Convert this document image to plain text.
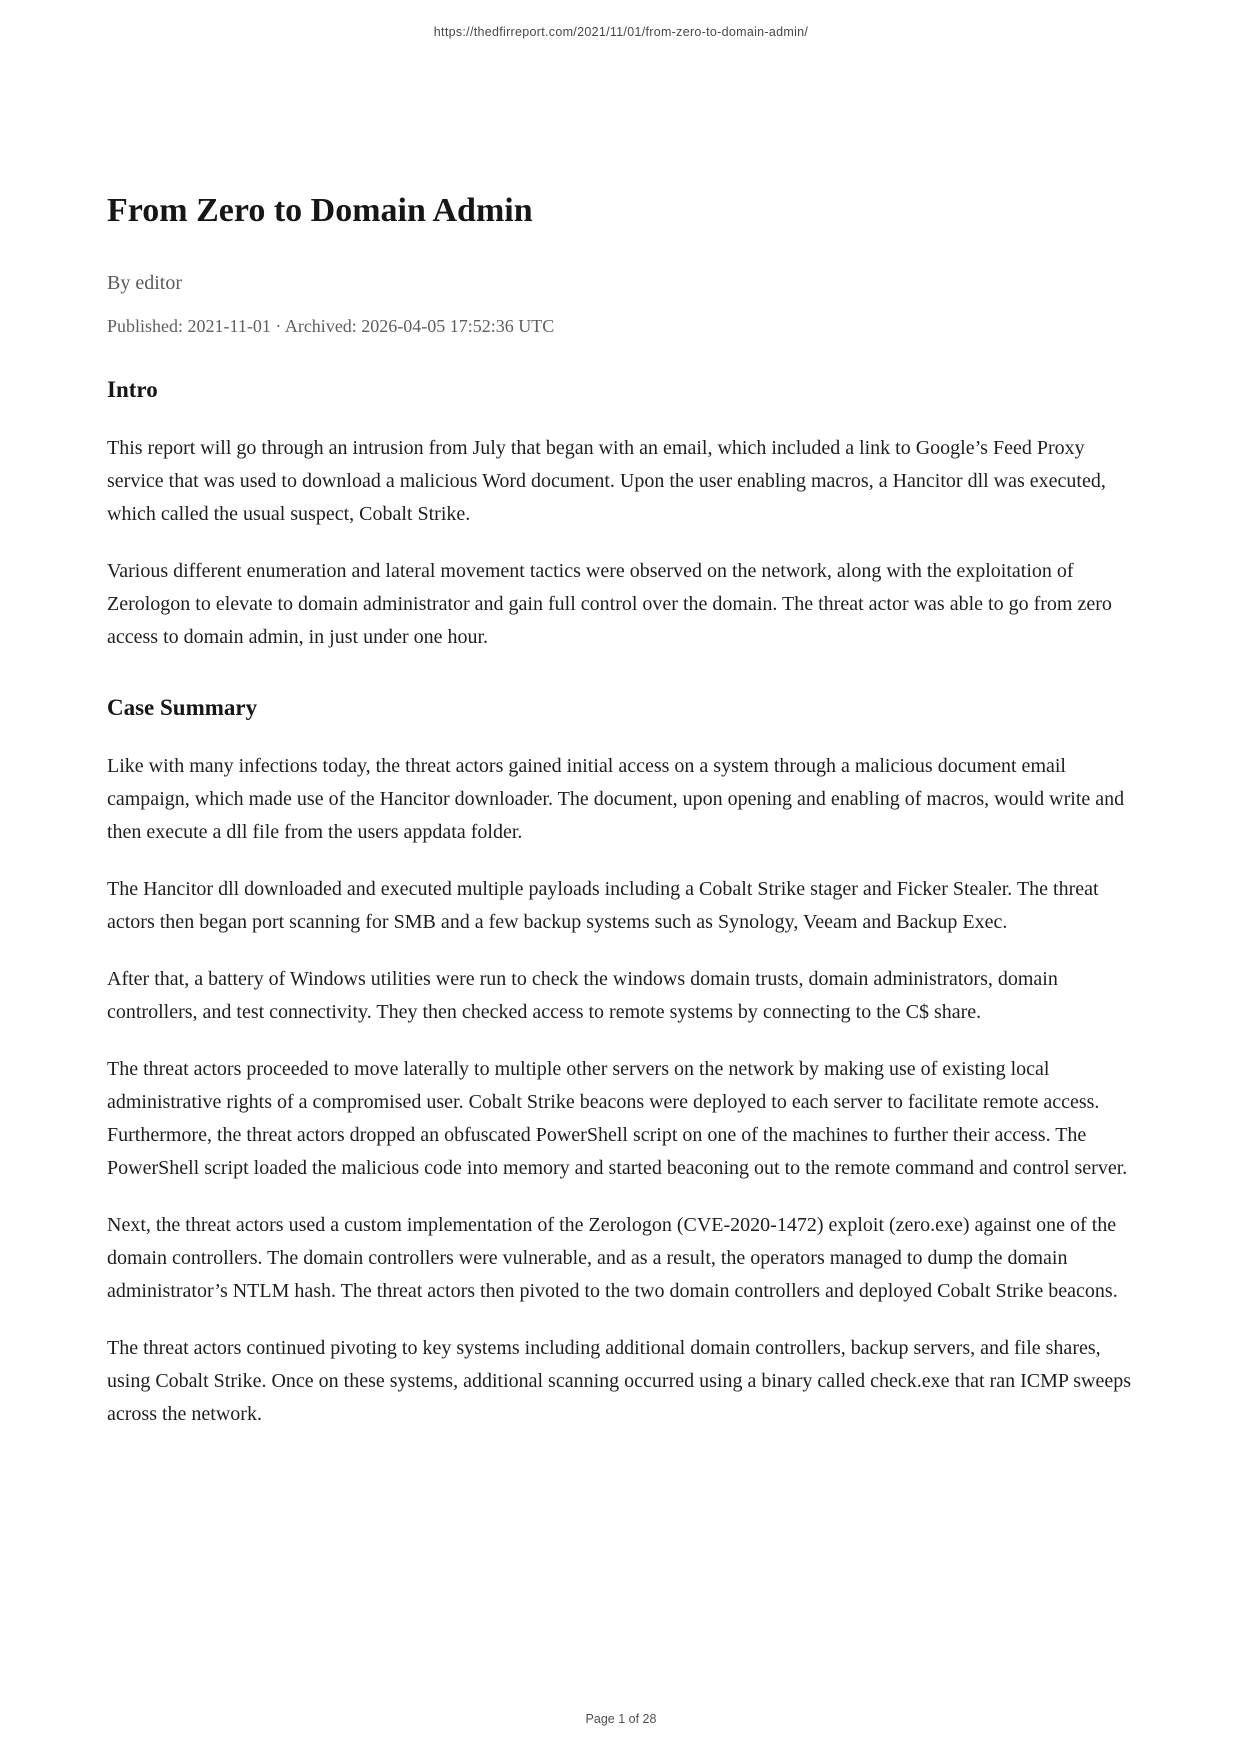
https://thedfirreport.com/2021/11/01/from-zero-to-domain-admin/
From Zero to Domain Admin

By editor

Published: 2021-11-01 · Archived: 2026-04-05 17:52:36 UTC

Intro

This report will go through an intrusion from July that began with an email, which included a link to Google’s Feed Proxy service that was used to download a malicious Word document. Upon the user enabling macros, a Hancitor dll was executed, which called the usual suspect, Cobalt Strike.

Various different enumeration and lateral movement tactics were observed on the network, along with the exploitation of Zerologon to elevate to domain administrator and gain full control over the domain. The threat actor was able to go from zero access to domain admin, in just under one hour.

Case Summary

Like with many infections today, the threat actors gained initial access on a system through a malicious document email campaign, which made use of the Hancitor downloader. The document, upon opening and enabling of macros, would write and then execute a dll file from the users appdata folder.

The Hancitor dll downloaded and executed multiple payloads including a Cobalt Strike stager and Ficker Stealer. The threat actors then began port scanning for SMB and a few backup systems such as Synology, Veeam and Backup Exec.

After that, a battery of Windows utilities were run to check the windows domain trusts, domain administrators, domain controllers, and test connectivity. They then checked access to remote systems by connecting to the C$ share.

The threat actors proceeded to move laterally to multiple other servers on the network by making use of existing local administrative rights of a compromised user. Cobalt Strike beacons were deployed to each server to facilitate remote access. Furthermore, the threat actors dropped an obfuscated PowerShell script on one of the machines to further their access. The PowerShell script loaded the malicious code into memory and started beaconing out to the remote command and control server.

Next, the threat actors used a custom implementation of the Zerologon (CVE-2020-1472) exploit (zero.exe) against one of the domain controllers. The domain controllers were vulnerable, and as a result, the operators managed to dump the domain administrator’s NTLM hash. The threat actors then pivoted to the two domain controllers and deployed Cobalt Strike beacons.

The threat actors continued pivoting to key systems including additional domain controllers, backup servers, and file shares, using Cobalt Strike. Once on these systems, additional scanning occurred using a binary called check.exe that ran ICMP sweeps across the network.

Page 1 of 28
